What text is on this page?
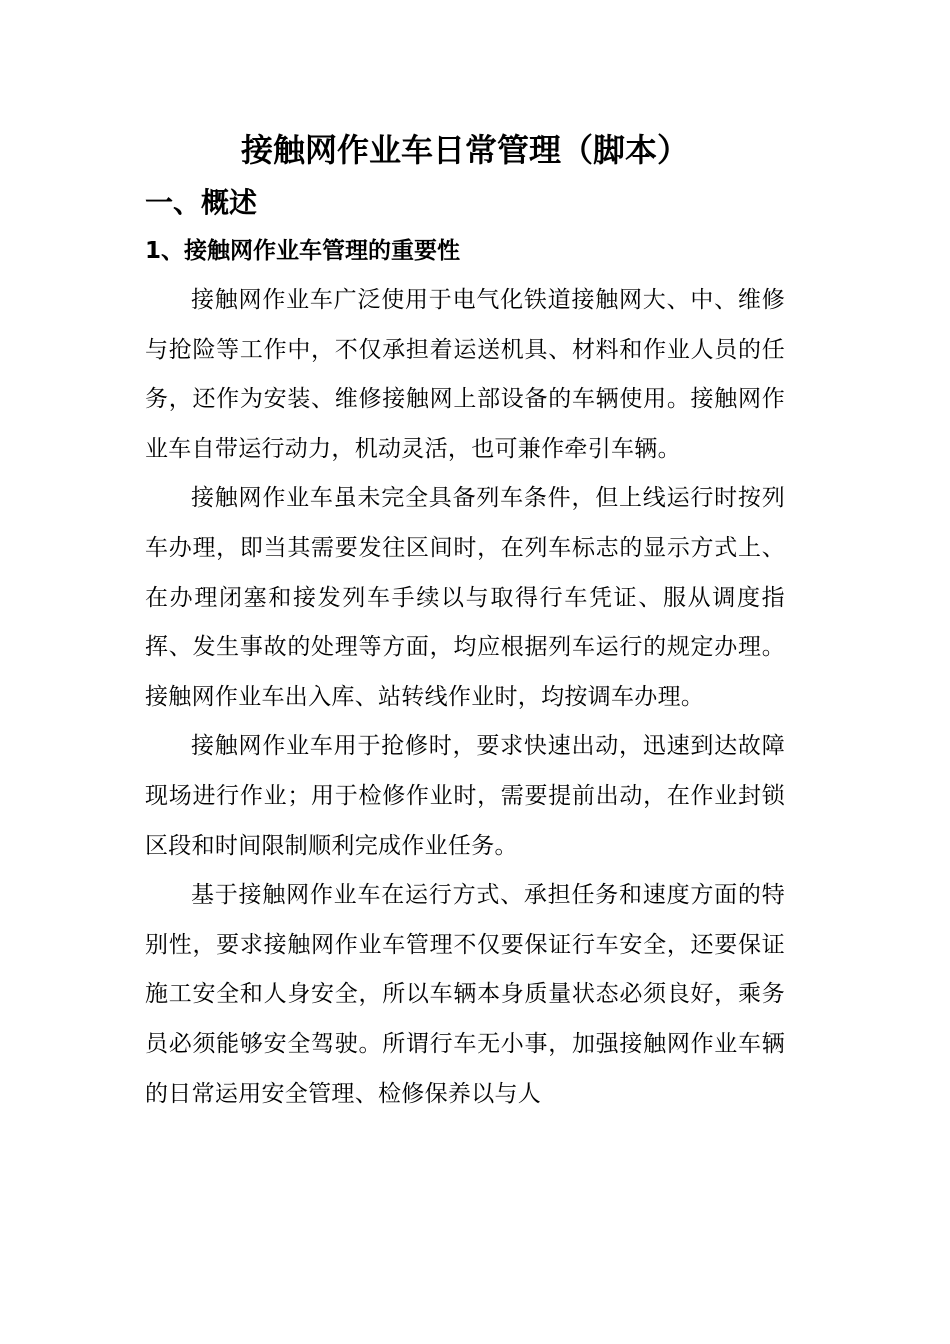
接触网作业车日常管理（脚本）
一、概述
1、接触网作业车管理的重要性

接触网作业车广泛使用于电气化铁道接触网大、中、维修与抢险等工作中，不仅承担着运送机具、材料和作业人员的任务，还作为安装、维修接触网上部设备的车辆使用。接触网作业车自带运行动力，机动灵活，也可兼作牵引车辆。

接触网作业车虽未完全具备列车条件，但上线运行时按列车办理，即当其需要发往区间时，在列车标志的显示方式上、在办理闭塞和接发列车手续以与取得行车凭证、服从调度指挥、发生事故的处理等方面，均应根据列车运行的规定办理。接触网作业车出入库、站转线作业时，均按调车办理。

接触网作业车用于抢修时，要求快速出动，迅速到达故障现场进行作业；用于检修作业时，需要提前出动，在作业封锁区段和时间限制顺利完成作业任务。

基于接触网作业车在运行方式、承担任务和速度方面的特别性，要求接触网作业车管理不仅要保证行车安全，还要保证施工安全和人身安全，所以车辆本身质量状态必须良好，乘务员必须能够安全驾驶。所谓行车无小事，加强接触网作业车辆的日常运用安全管理、检修保养以与人
